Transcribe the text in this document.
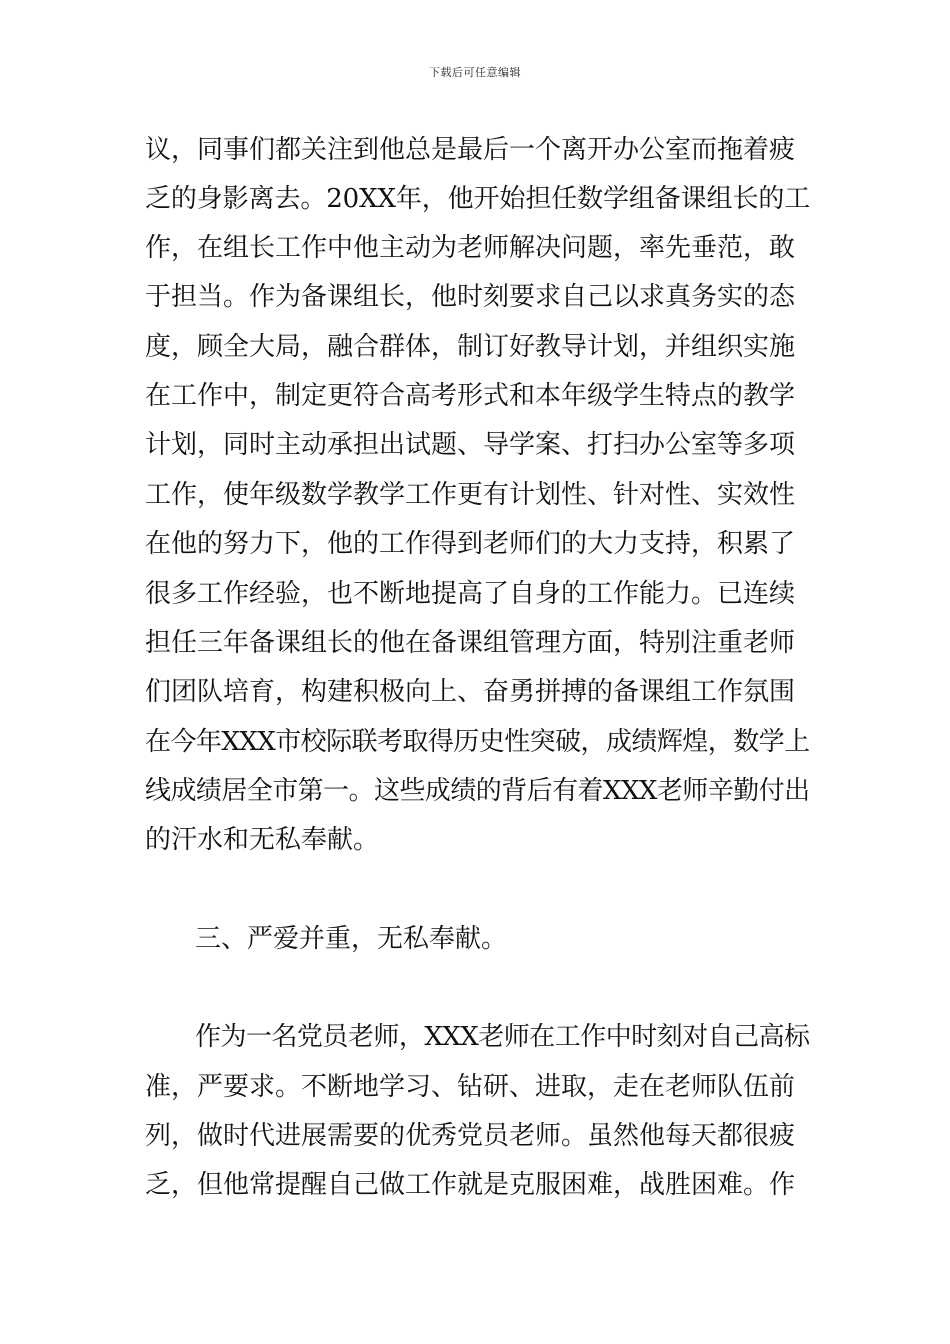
下载后可任意编辑
议，同事们都关注到他总是最后一个离开办公室而拖着疲
乏的身影离去。20XX年，他开始担任数学组备课组长的工
作，在组长工作中他主动为老师解决问题，率先垂范，敢
于担当。作为备课组长，他时刻要求自己以求真务实的态
度，顾全大局，融合群体，制订好教导计划，并组织实施
在工作中，制定更符合高考形式和本年级学生特点的教学
计划，同时主动承担出试题、导学案、打扫办公室等多项
工作，使年级数学教学工作更有计划性、针对性、实效性
在他的努力下，他的工作得到老师们的大力支持，积累了
很多工作经验，也不断地提高了自身的工作能力。已连续
担任三年备课组长的他在备课组管理方面，特别注重老师
们团队培育，构建积极向上、奋勇拼搏的备课组工作氛围
在今年XXX市校际联考取得历史性突破，成绩辉煌，数学上
线成绩居全市第一。这些成绩的背后有着XXX老师辛勤付出
的汗水和无私奉献。
三、严爱并重，无私奉献。
作为一名党员老师，XXX老师在工作中时刻对自己高标
准，严要求。不断地学习、钻研、进取，走在老师队伍前
列，做时代进展需要的优秀党员老师。虽然他每天都很疲
乏，但他常提醒自己做工作就是克服困难，战胜困难。作
